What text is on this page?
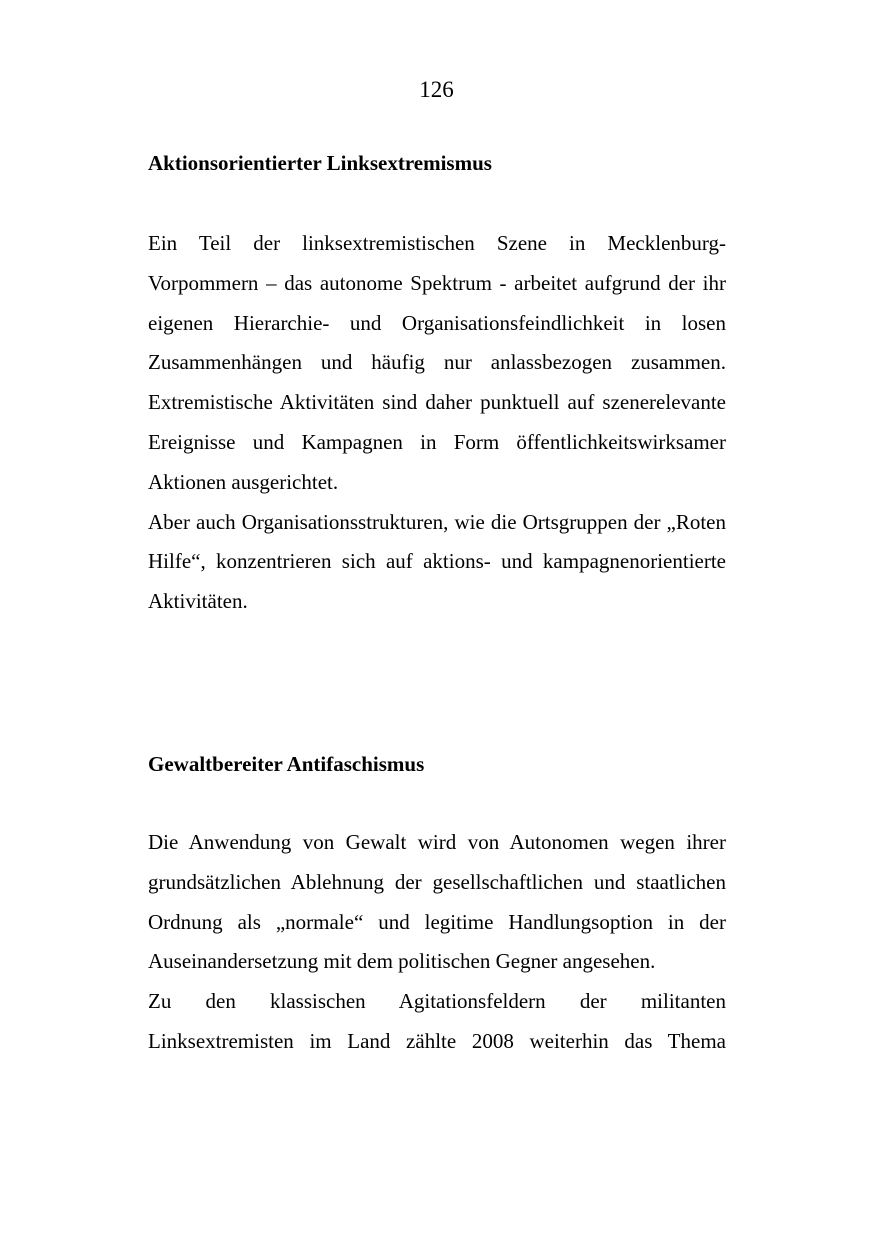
126
Aktionsorientierter Linksextremismus

Ein Teil der linksextremistischen Szene in Mecklenburg-Vorpommern – das autonome Spektrum - arbeitet aufgrund der ihr eigenen Hierarchie- und Organisationsfeindlichkeit in losen Zusammenhängen und häufig nur anlassbezogen zusammen. Extremistische Aktivitäten sind daher punktuell auf szenerelevante Ereignisse und Kampagnen in Form öffentlichkeitswirksamer Aktionen ausgerichtet.

Aber auch Organisationsstrukturen, wie die Ortsgruppen der „Roten Hilfe“, konzentrieren sich auf aktions- und kampagnenorientierte Aktivitäten.

Gewaltbereiter Antifaschismus

Die Anwendung von Gewalt wird von Autonomen wegen ihrer grundsätzlichen Ablehnung der gesellschaftlichen und staatlichen Ordnung als „normale“ und legitime Handlungsoption in der Auseinandersetzung mit dem politischen Gegner angesehen.

Zu den klassischen Agitationsfeldern der militanten Linksextremisten im Land zählte 2008 weiterhin das Thema
